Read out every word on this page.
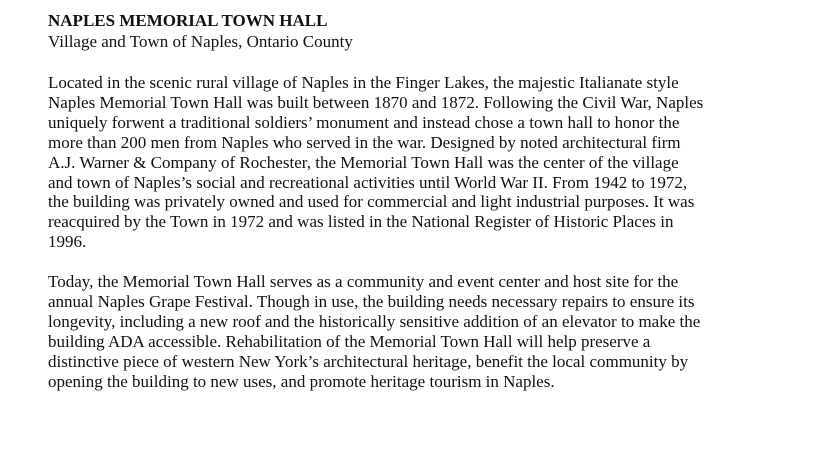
NAPLES MEMORIAL TOWN HALL
Village and Town of Naples, Ontario County
Located in the scenic rural village of Naples in the Finger Lakes, the majestic Italianate style
Naples Memorial Town Hall was built between 1870 and 1872. Following the Civil War, Naples
uniquely forwent a traditional soldiers’ monument and instead chose a town hall to honor the
more than 200 men from Naples who served in the war. Designed by noted architectural firm
A.J. Warner & Company of Rochester, the Memorial Town Hall was the center of the village
and town of Naples’s social and recreational activities until World War II. From 1942 to 1972,
the building was privately owned and used for commercial and light industrial purposes. It was
reacquired by the Town in 1972 and was listed in the National Register of Historic Places in
1996.
Today, the Memorial Town Hall serves as a community and event center and host site for the
annual Naples Grape Festival. Though in use, the building needs necessary repairs to ensure its
longevity, including a new roof and the historically sensitive addition of an elevator to make the
building ADA accessible. Rehabilitation of the Memorial Town Hall will help preserve a
distinctive piece of western New York’s architectural heritage, benefit the local community by
opening the building to new uses, and promote heritage tourism in Naples.
